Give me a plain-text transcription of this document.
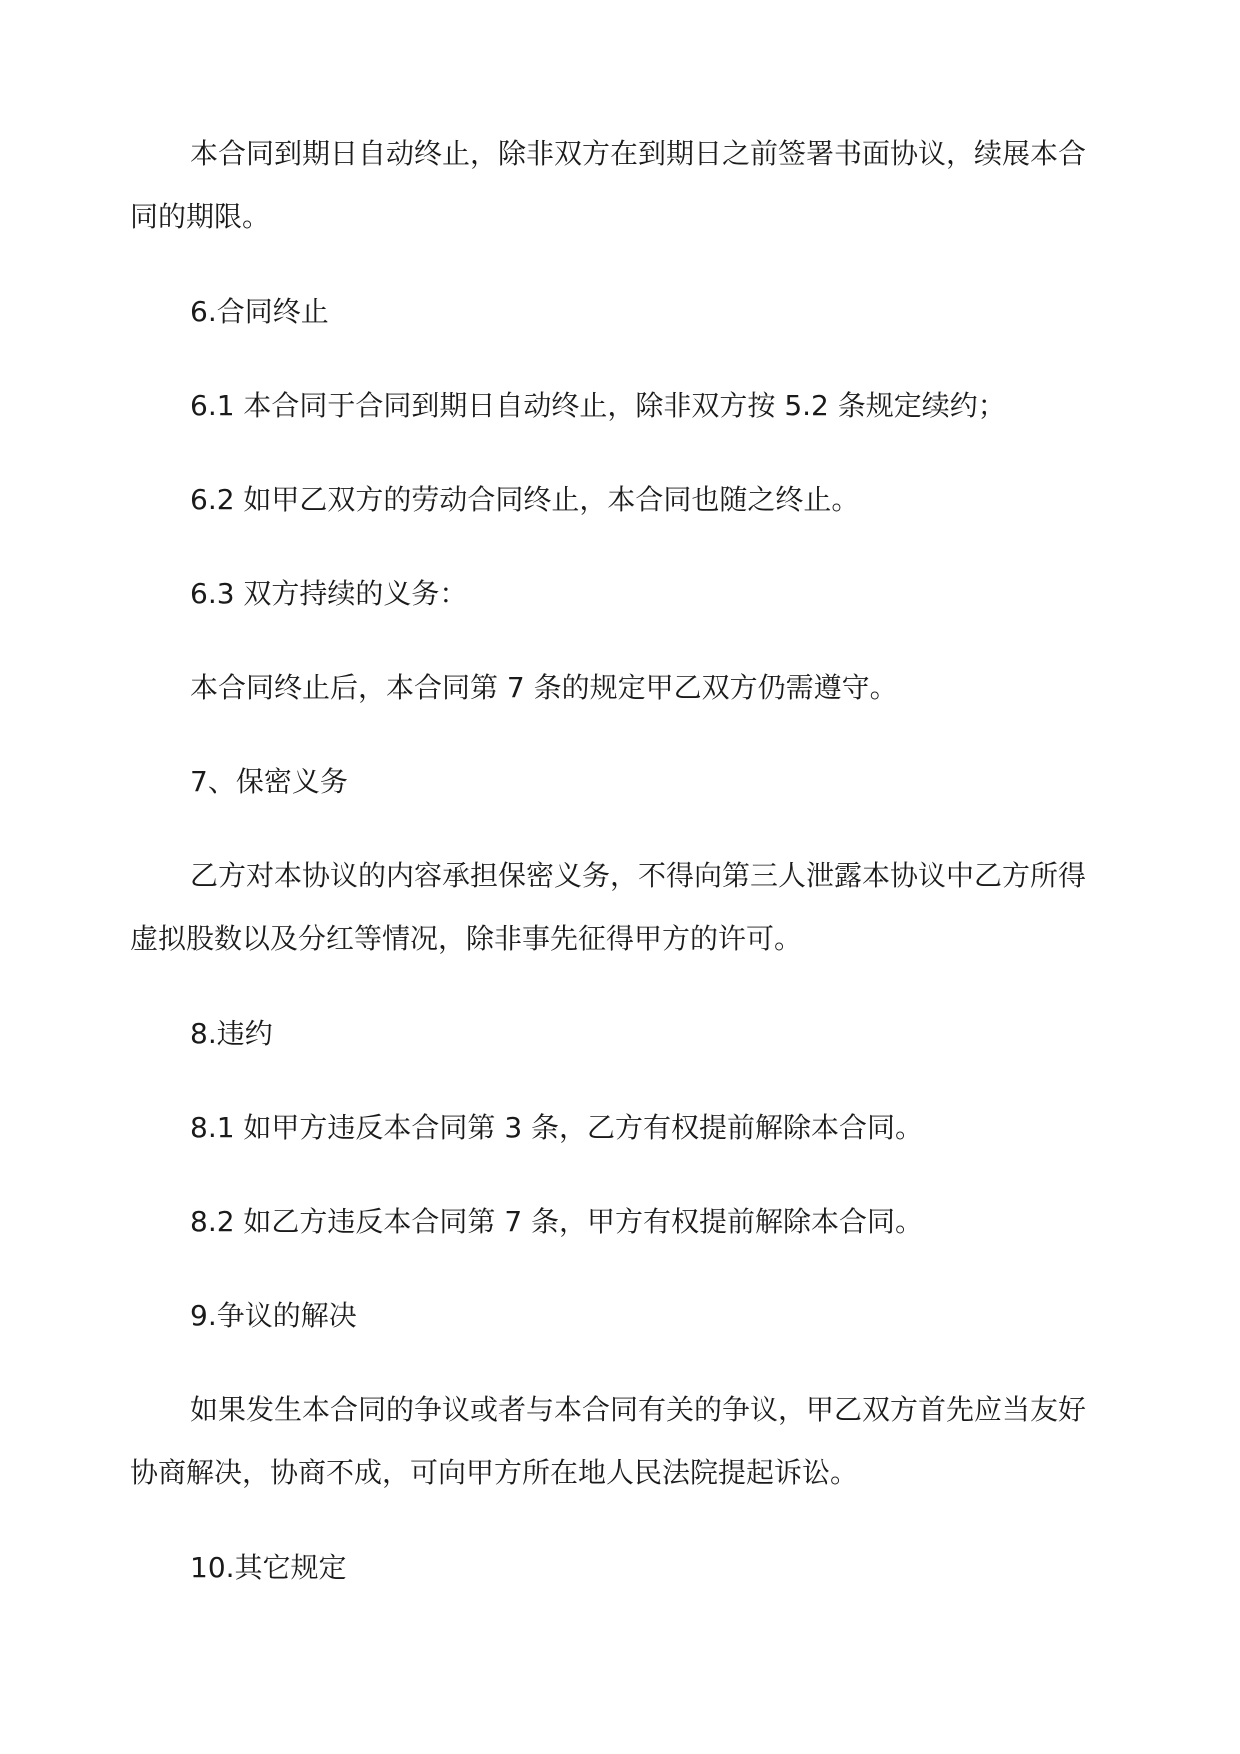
本合同到期日自动终止，除非双方在到期日之前签署书面协议，续展本合

同的期限。

6.合同终止

6.1 本合同于合同到期日自动终止，除非双方按 5.2 条规定续约；

6.2 如甲乙双方的劳动合同终止，本合同也随之终止。

6.3 双方持续的义务：

本合同终止后，本合同第 7 条的规定甲乙双方仍需遵守。

7、保密义务

乙方对本协议的内容承担保密义务，不得向第三人泄露本协议中乙方所得

虚拟股数以及分红等情况，除非事先征得甲方的许可。

8.违约

8.1 如甲方违反本合同第 3 条，乙方有权提前解除本合同。

8.2 如乙方违反本合同第 7 条，甲方有权提前解除本合同。

9.争议的解决

如果发生本合同的争议或者与本合同有关的争议，甲乙双方首先应当友好

协商解决，协商不成，可向甲方所在地人民法院提起诉讼。

10.其它规定
